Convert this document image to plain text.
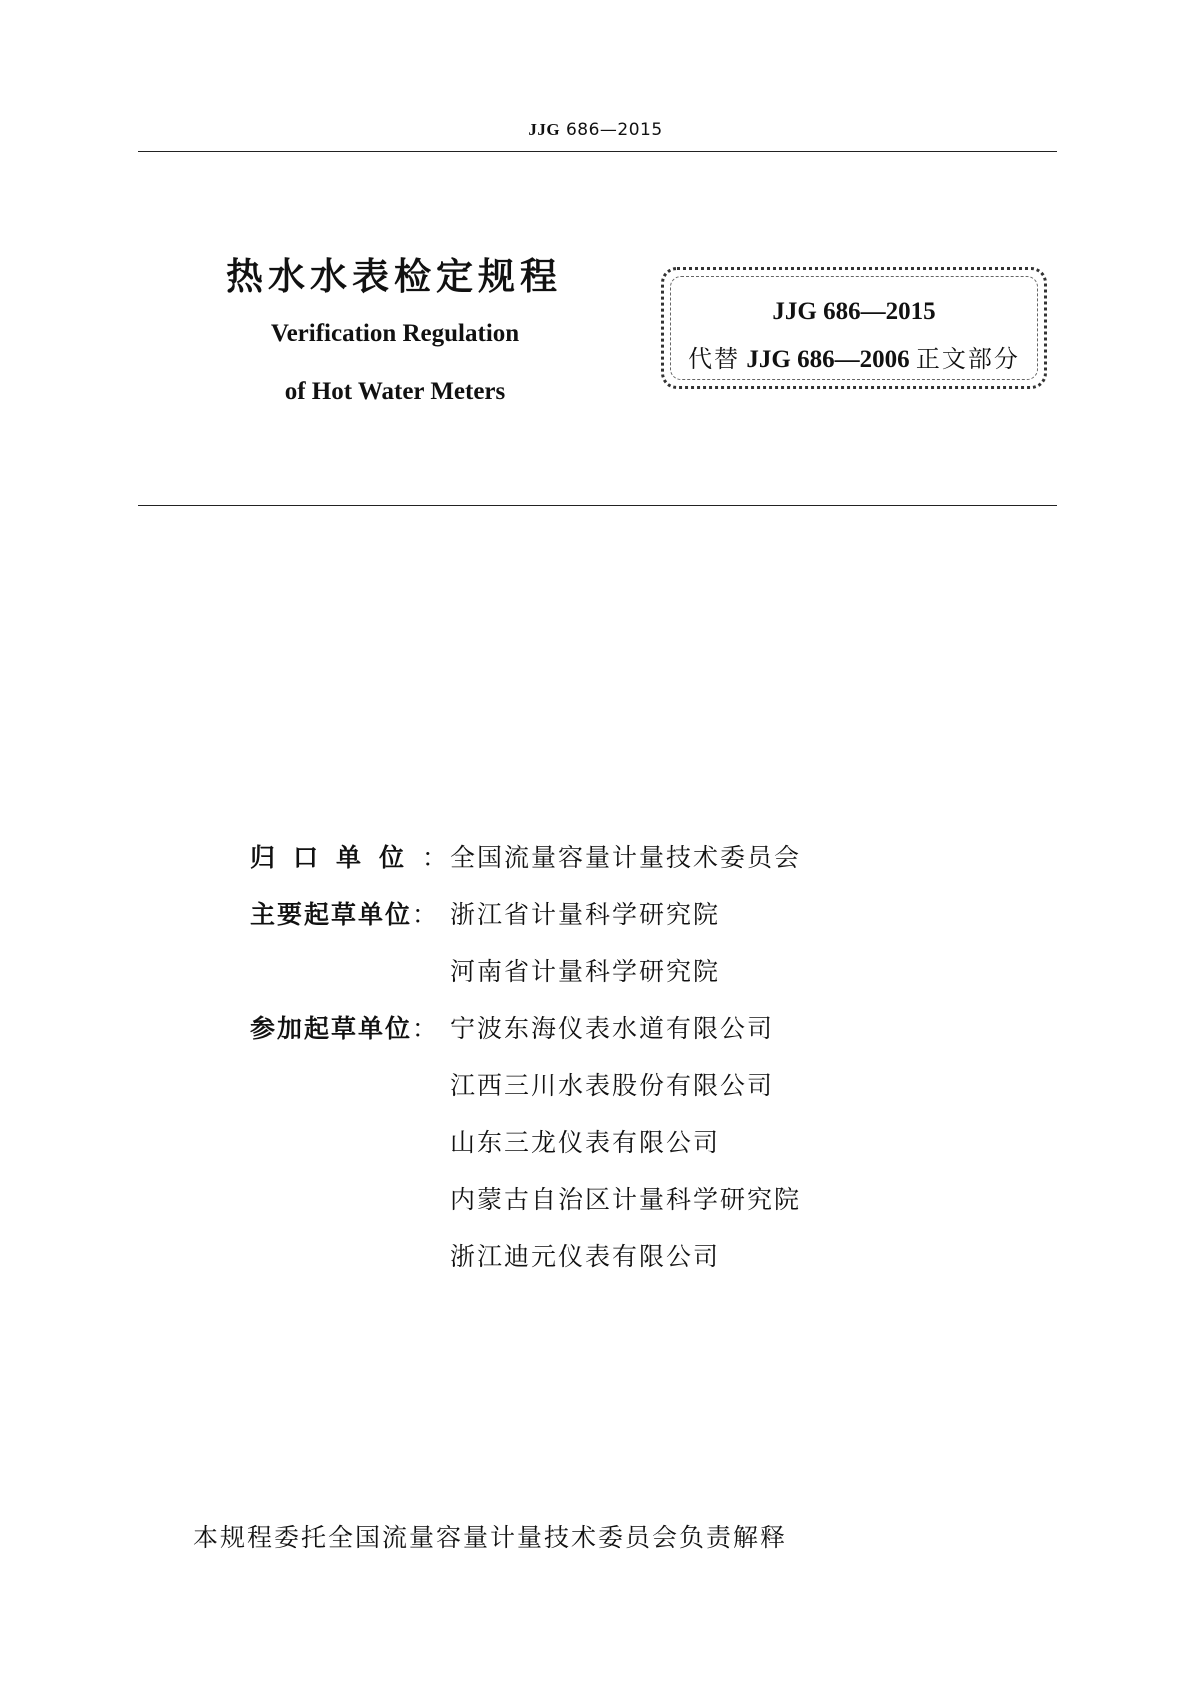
JJG 686—2015
热水水表检定规程
Verification Regulation
of Hot Water Meters
JJG 686—2015
代替 JJG 686—2006 正文部分
归口单位： 全国流量容量计量技术委员会
主要起草单位： 浙江省计量科学研究院
河南省计量科学研究院
参加起草单位： 宁波东海仪表水道有限公司
江西三川水表股份有限公司
山东三龙仪表有限公司
内蒙古自治区计量科学研究院
浙江迪元仪表有限公司
本规程委托全国流量容量计量技术委员会负责解释
